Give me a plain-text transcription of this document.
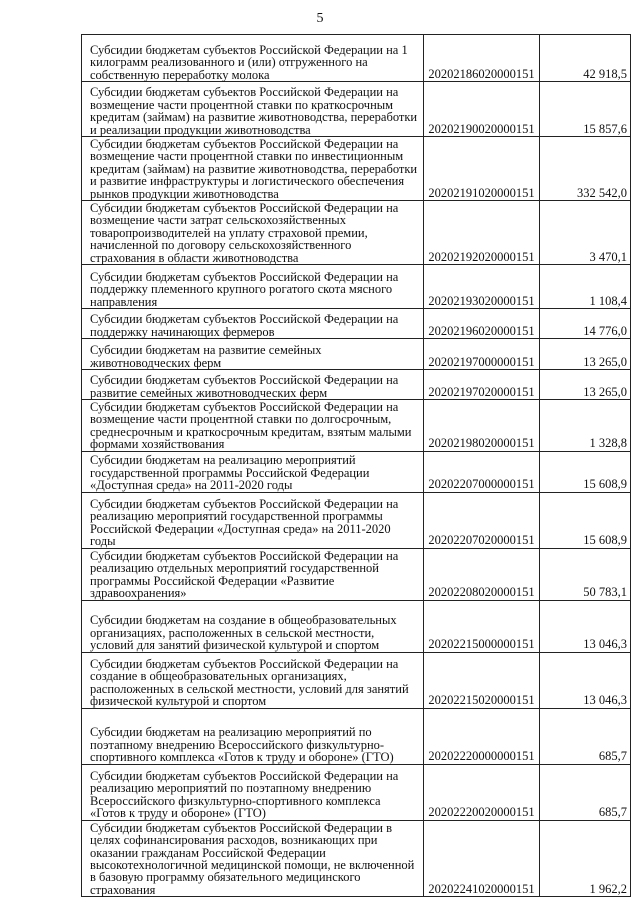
5
Субсидии бюджетам субъектов Российской Федерации на 1 килограмм реализованного и (или) отгруженного на собственную переработку молока	20202186020000151	42 918,5
Субсидии бюджетам субъектов Российской Федерации на возмещение части процентной ставки по краткосрочным кредитам (займам) на развитие животноводства, переработки и реализации продукции животноводства	20202190020000151	15 857,6
Субсидии бюджетам субъектов Российской Федерации на возмещение части процентной ставки по инвестиционным кредитам (займам) на развитие животноводства, переработки и развитие инфраструктуры и логистического обеспечения рынков продукции животноводства	20202191020000151	332 542,0
Субсидии бюджетам субъектов Российской Федерации на возмещение части затрат сельскохозяйственных товаропроизводителей на уплату страховой премии, начисленной по договору сельскохозяйственного страхования в области животноводства	20202192020000151	3 470,1
Субсидии бюджетам субъектов Российской Федерации на поддержку племенного крупного рогатого скота мясного направления	20202193020000151	1 108,4
Субсидии бюджетам субъектов Российской Федерации на поддержку начинающих фермеров	20202196020000151	14 776,0
Субсидии бюджетам на развитие семейных животноводческих ферм	20202197000000151	13 265,0
Субсидии бюджетам субъектов Российской Федерации на развитие семейных животноводческих ферм	20202197020000151	13 265,0
Субсидии бюджетам субъектов Российской Федерации на возмещение части процентной ставки по долгосрочным, среднесрочным и краткосрочным кредитам, взятым малыми формами хозяйствования	20202198020000151	1 328,8
Субсидии бюджетам на реализацию мероприятий государственной программы Российской Федерации «Доступная среда» на 2011-2020 годы	20202207000000151	15 608,9
Субсидии бюджетам субъектов Российской Федерации на реализацию мероприятий государственной программы Российской Федерации «Доступная среда» на 2011-2020 годы	20202207020000151	15 608,9
Субсидии бюджетам субъектов Российской Федерации на реализацию отдельных мероприятий государственной программы Российской Федерации «Развитие здравоохранения»	20202208020000151	50 783,1
Субсидии бюджетам на создание в общеобразовательных организациях, расположенных в сельской местности, условий для занятий физической культурой и спортом	20202215000000151	13 046,3
Субсидии бюджетам субъектов Российской Федерации на создание в общеобразовательных организациях, расположенных в сельской местности, условий для занятий физической культурой и спортом	20202215020000151	13 046,3
Субсидии бюджетам на реализацию мероприятий по поэтапному внедрению Всероссийского физкультурно-спортивного комплекса «Готов к труду и обороне» (ГТО)	20202220000000151	685,7
Субсидии бюджетам субъектов Российской Федерации на реализацию мероприятий по поэтапному внедрению Всероссийского физкультурно-спортивного комплекса «Готов к труду и обороне» (ГТО)	20202220020000151	685,7
Субсидии бюджетам субъектов Российской Федерации в целях софинансирования расходов, возникающих при оказании гражданам Российской Федерации высокотехнологичной медицинской помощи, не включенной в базовую программу обязательного медицинского страхования	20202241020000151	1 962,2
